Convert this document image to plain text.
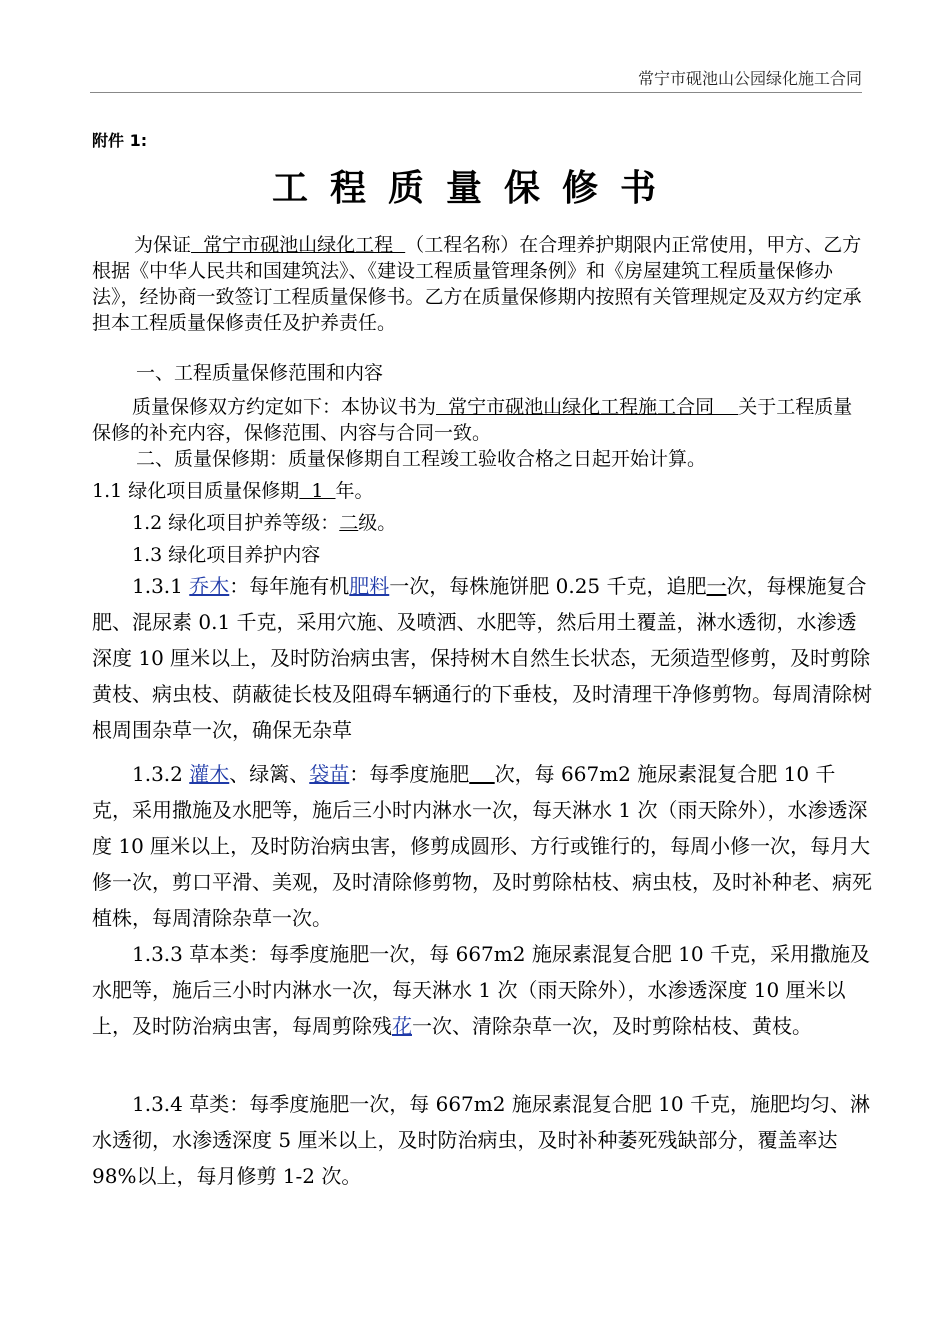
常宁市砚池山公园绿化施工合同
附件 1:
工程质量保修书
为保证  常宁市砚池山绿化工程  （工程名称）在合理养护期限内正常使用，甲方、乙方根据《中华人民共和国建筑法》、《建设工程质量管理条例》和《房屋建筑工程质量保修办法》，经协商一致签订工程质量保修书。乙方在质量保修期内按照有关管理规定及双方约定承担本工程质量保修责任及护养责任。
一、工程质量保修范围和内容
质量保修双方约定如下：本协议书为  常宁市砚池山绿化工程施工合同    关于工程质量保修的补充内容，保修范围、内容与合同一致。
二、质量保修期：质量保修期自工程竣工验收合格之日起开始计算。
1.1 绿化项目质量保修期  1  年。
1.2 绿化项目护养等级：二级。
1.3 绿化项目养护内容
1.3.1 乔木：每年施有机肥料一次，每株施饼肥 0.25 千克，追肥一次，每棵施复合肥、混尿素 0.1 千克，采用穴施、及喷洒、水肥等，然后用土覆盖，淋水透彻，水渗透深度 10 厘米以上，及时防治病虫害，保持树木自然生长状态，无须造型修剪，及时剪除黄枝、病虫枝、荫蔽徒长枝及阻碍车辆通行的下垂枝，及时清理干净修剪物。每周清除树根周围杂草一次，确保无杂草
1.3.2 灌木、绿篱、袋苗：每季度施肥 次，每 667m2 施尿素混复合肥 10 千克，采用撒施及水肥等，施后三小时内淋水一次，每天淋水 1 次（雨天除外），水渗透深度 10 厘米以上，及时防治病虫害，修剪成圆形、方行或锥行的，每周小修一次，每月大修一次，剪口平滑、美观，及时清除修剪物，及时剪除枯枝、病虫枝，及时补种老、病死植株，每周清除杂草一次。
1.3.3 草本类：每季度施肥一次，每 667m2 施尿素混复合肥 10 千克，采用撒施及水肥等，施后三小时内淋水一次，每天淋水 1 次（雨天除外），水渗透深度 10 厘米以上，及时防治病虫害，每周剪除残花一次、清除杂草一次，及时剪除枯枝、黄枝。
1.3.4 草类：每季度施肥一次，每 667m2 施尿素混复合肥 10 千克，施肥均匀、淋水透彻，水渗透深度 5 厘米以上，及时防治病虫，及时补种萎死残缺部分，覆盖率达 98%以上，每月修剪 1-2 次。
